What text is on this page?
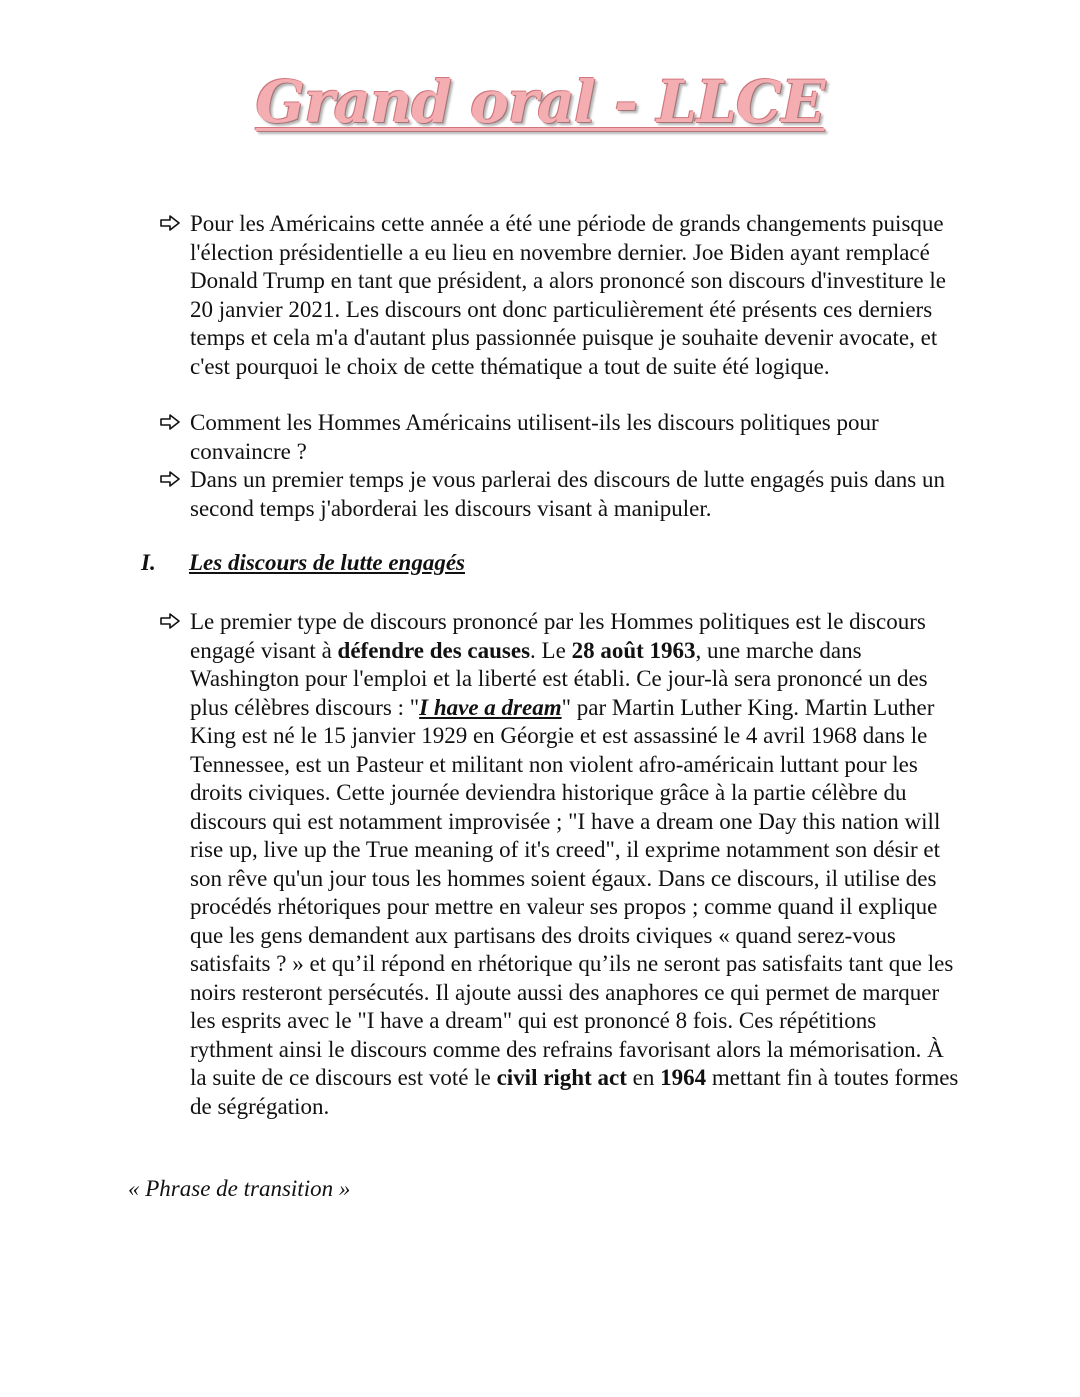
Grand oral - LLCE
Pour les Américains cette année a été une période de grands changements puisque l'élection présidentielle a eu lieu en novembre dernier. Joe Biden ayant remplacé Donald Trump en tant que président, a alors prononcé son discours d'investiture le 20 janvier 2021. Les discours ont donc particulièrement été présents ces derniers temps et cela m'a d'autant plus passionnée puisque je souhaite devenir avocate, et c'est pourquoi le choix de cette thématique a tout de suite été logique.
Comment les Hommes Américains utilisent-ils les discours politiques pour convaincre ?
Dans un premier temps je vous parlerai des discours de lutte engagés puis dans un second temps j'aborderai les discours visant à manipuler.
I. Les discours de lutte engagés
Le premier type de discours prononcé par les Hommes politiques est le discours engagé visant à défendre des causes. Le 28 août 1963, une marche dans Washington pour l'emploi et la liberté est établi. Ce jour-là sera prononcé un des plus célèbres discours : "I have a dream" par Martin Luther King. Martin Luther King est né le 15 janvier 1929 en Géorgie et est assassiné le 4 avril 1968 dans le Tennessee, est un Pasteur et militant non violent afro-américain luttant pour les droits civiques. Cette journée deviendra historique grâce à la partie célèbre du discours qui est notamment improvisée ; "I have a dream one Day this nation will rise up, live up the True meaning of it's creed", il exprime notamment son désir et son rêve qu'un jour tous les hommes soient égaux. Dans ce discours, il utilise des procédés rhétoriques pour mettre en valeur ses propos ; comme quand il explique que les gens demandent aux partisans des droits civiques « quand serez-vous satisfaits ? » et qu’il répond en rhétorique qu’ils ne seront pas satisfaits tant que les noirs resteront persécutés. Il ajoute aussi des anaphores ce qui permet de marquer les esprits avec le "I have a dream" qui est prononcé 8 fois. Ces répétitions rythment ainsi le discours comme des refrains favorisant alors la mémorisation. À la suite de ce discours est voté le civil right act en 1964 mettant fin à toutes formes de ségrégation.
« Phrase de transition »
